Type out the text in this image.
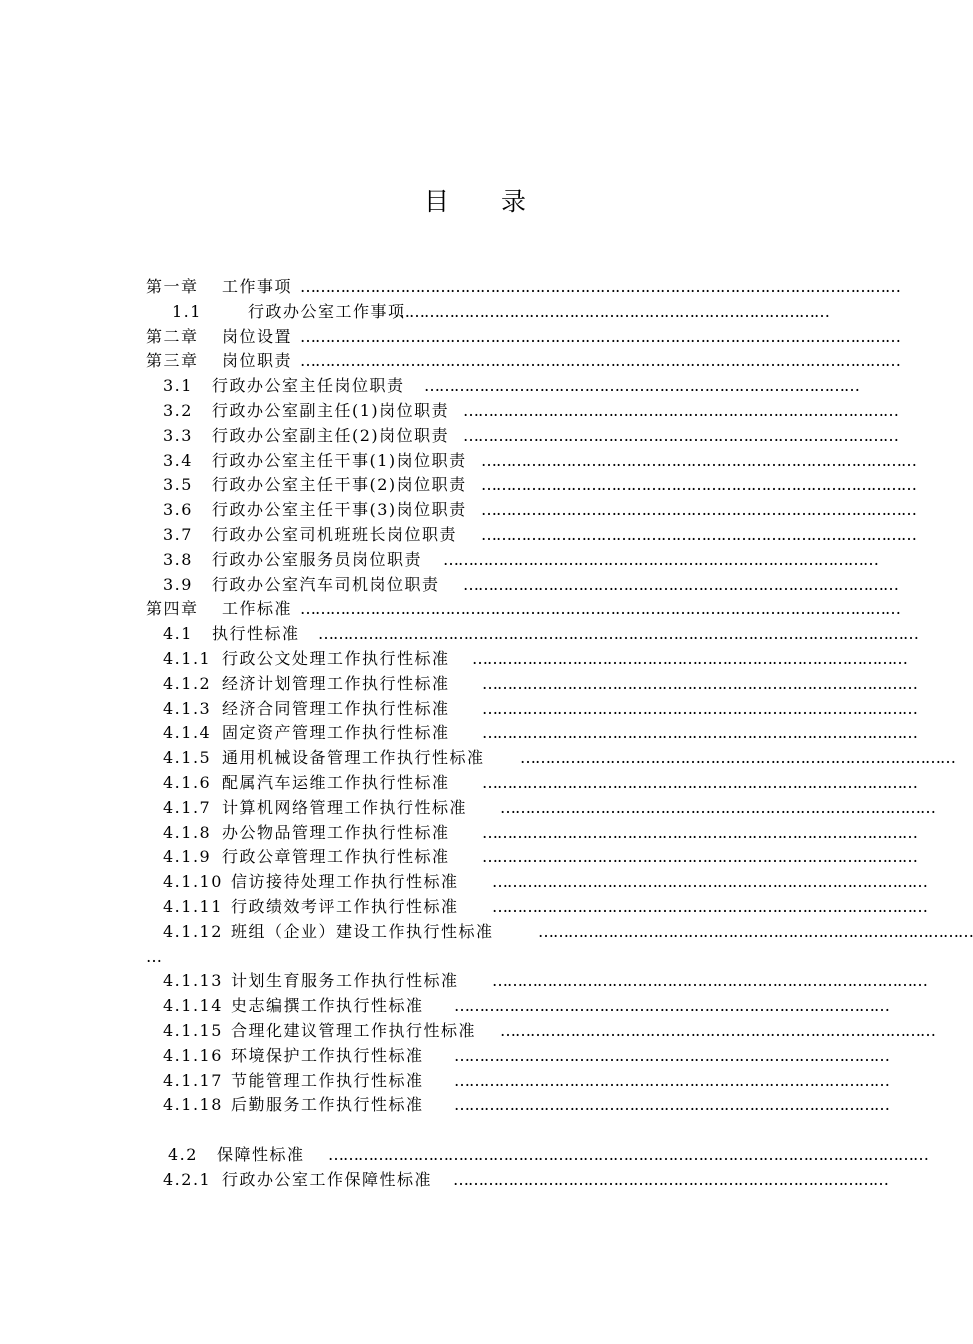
目 录
第一章 工作事项 …………………………………………………………………………………………………………
1.1	行政办公室工作事项
……………………………………………………………………………
第二章 岗位设置 …………………………………………………………………………………………………………
第三章 岗位职责 …………………………………………………………………………………………………………
3.1 行政办公室主任岗位职责 ……………………………………………………………………………
3.2 行政办公室副主任(1)岗位职责 ……………………………………………………………………………
3.3 行政办公室副主任(2)岗位职责 ……………………………………………………………………………
3.4 行政办公室主任干事(1)岗位职责 ……………………………………………………………………………
3.5 行政办公室主任干事(2)岗位职责 ……………………………………………………………………………
3.6 行政办公室主任干事(3)岗位职责 ……………………………………………………………………………
3.7 行政办公室司机班班长岗位职责 ……………………………………………………………………………
3.8 行政办公室服务员岗位职责 ……………………………………………………………………………
3.9 行政办公室汽车司机岗位职责 ……………………………………………………………………………
第四章 工作标准 …………………………………………………………………………………………………………
4.1 执行性标准 …………………………………………………………………………………………………………
4.1.1 行政公文处理工作执行性标准 ……………………………………………………………………………
4.1.2 经济计划管理工作执行性标准 ……………………………………………………………………………
4.1.3 经济合同管理工作执行性标准 ……………………………………………………………………………
4.1.4 固定资产管理工作执行性标准 ……………………………………………………………………………
4.1.5 通用机械设备管理工作执行性标准 ……………………………………………………………………………
4.1.6 配属汽车运维工作执行性标准 ……………………………………………………………………………
4.1.7 计算机网络管理工作执行性标准 ……………………………………………………………………………
4.1.8 办公物品管理工作执行性标准 ……………………………………………………………………………
4.1.9 行政公章管理工作执行性标准 ……………………………………………………………………………
4.1.10 信访接待处理工作执行性标准 ……………………………………………………………………………
4.1.11 行政绩效考评工作执行性标准 ……………………………………………………………………………
4.1.12 班组（企业）建设工作执行性标准	……………………………………………………………………………
…
4.1.13 计划生育服务工作执行性标准 ……………………………………………………………………………
4.1.14 史志编撰工作执行性标准 ……………………………………………………………………………
4.1.15 合理化建议管理工作执行性标准 ……………………………………………………………………………
4.1.16 环境保护工作执行性标准 ……………………………………………………………………………
4.1.17 节能管理工作执行性标准 ……………………………………………………………………………
4.1.18 后勤服务工作执行性标准 ……………………………………………………………………………
4.2 保障性标准 …………………………………………………………………………………………………………
4.2.1 行政办公室工作保障性标准 ……………………………………………………………………………
